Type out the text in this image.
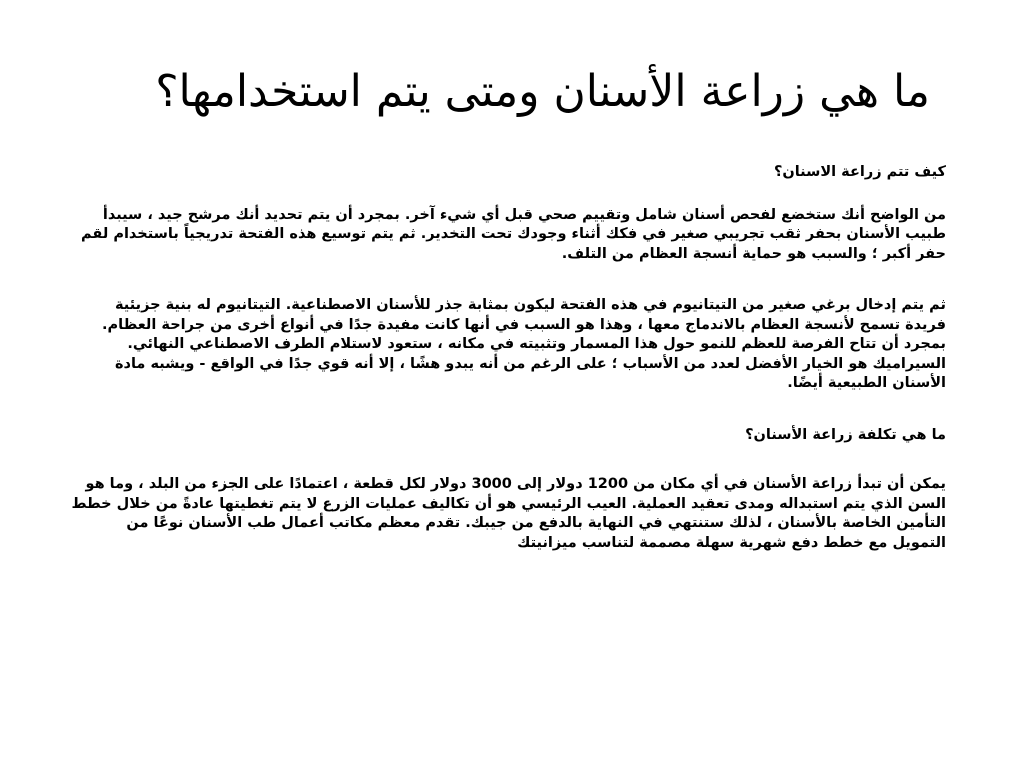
ما هي زراعة الأسنان ومتى يتم استخدامها؟

كيف تتم زراعة الاسنان؟

من الواضح أنك ستخضع لفحص أسنان شامل وتقييم صحي قبل أي شيء آخر. بمجرد أن يتم تحديد أنك مرشح جيد ، سيبدأ طبيب الأسنان بحفر ثقب تجريبي صغير في فكك أثناء وجودك تحت التخدير. ثم يتم توسيع هذه الفتحة تدريجياً باستخدام لقم حفر أكبر ؛ والسبب هو حماية أنسجة العظام من التلف.

ثم يتم إدخال برغي صغير من التيتانيوم في هذه الفتحة ليكون بمثابة جذر للأسنان الاصطناعية. التيتانيوم له بنية جزيئية فريدة تسمح لأنسجة العظام بالاندماج معها ، وهذا هو السبب في أنها كانت مفيدة جدًا في أنواع أخرى من جراحة العظام. بمجرد أن تتاح الفرصة للعظم للنمو حول هذا المسمار وتثبيته في مكانه ، ستعود لاستلام الطرف الاصطناعي النهائي. السيراميك هو الخيار الأفضل لعدد من الأسباب ؛ على الرغم من أنه يبدو هشًا ، إلا أنه قوي جدًا في الواقع - ويشبه مادة الأسنان الطبيعية أيضًا.

ما هي تكلفة زراعة الأسنان؟

يمكن أن تبدأ زراعة الأسنان في أي مكان من 1200 دولار إلى 3000 دولار لكل قطعة ، اعتمادًا على الجزء من البلد ، وما هو السن الذي يتم استبداله ومدى تعقيد العملية. العيب الرئيسي هو أن تكاليف عمليات الزرع لا يتم تغطيتها عادةً من خلال خطط التأمين الخاصة بالأسنان ، لذلك ستنتهي في النهاية بالدفع من جيبك. تقدم معظم مكاتب أعمال طب الأسنان نوعًا من التمويل مع خطط دفع شهرية سهلة مصممة لتناسب ميزانيتك
